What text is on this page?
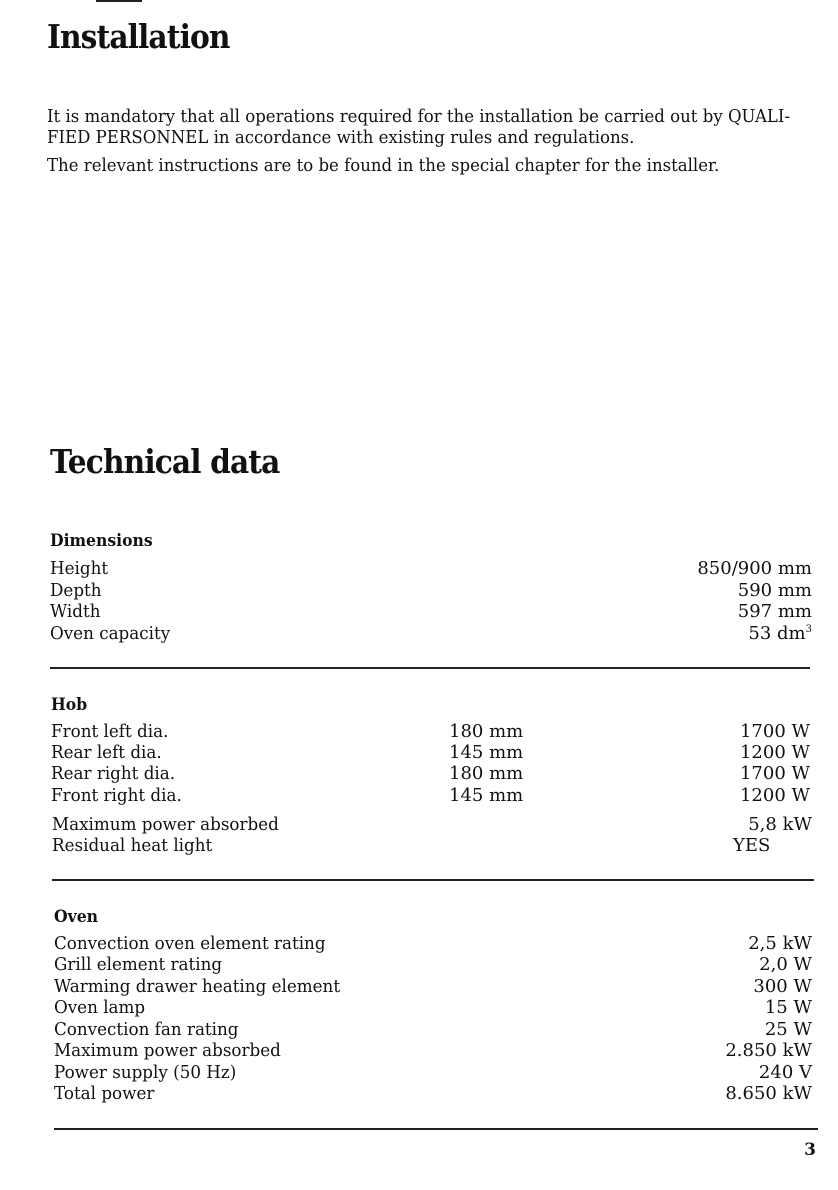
Installation
It is mandatory that all operations required for the installation be carried out by QUALI-
FIED PERSONNEL in accordance with existing rules and regulations.
The relevant instructions are to be found in the special chapter for the installer.
Technical data
Dimensions
Height	850/900 mm
Depth	590 mm
Width	597 mm
Oven capacity	53 $dm^3$
Hob
Front left dia.	180 mm	1700 W
Rear left dia.	145 mm	1200 W
Rear right dia.	180 mm	1700 W
Front right dia.	145 mm	1200 W
Maximum power absorbed	5,8 kW
Residual heat light	YES
Oven
Convection oven element rating	2,5 kW
Grill element rating	2,0 W
Warming drawer heating element	300 W
Oven lamp	15 W
Convection fan rating	25 W
Maximum power absorbed	2.850 kW
Power supply (50 Hz)	240 V
Total power	8.650 kW
3
